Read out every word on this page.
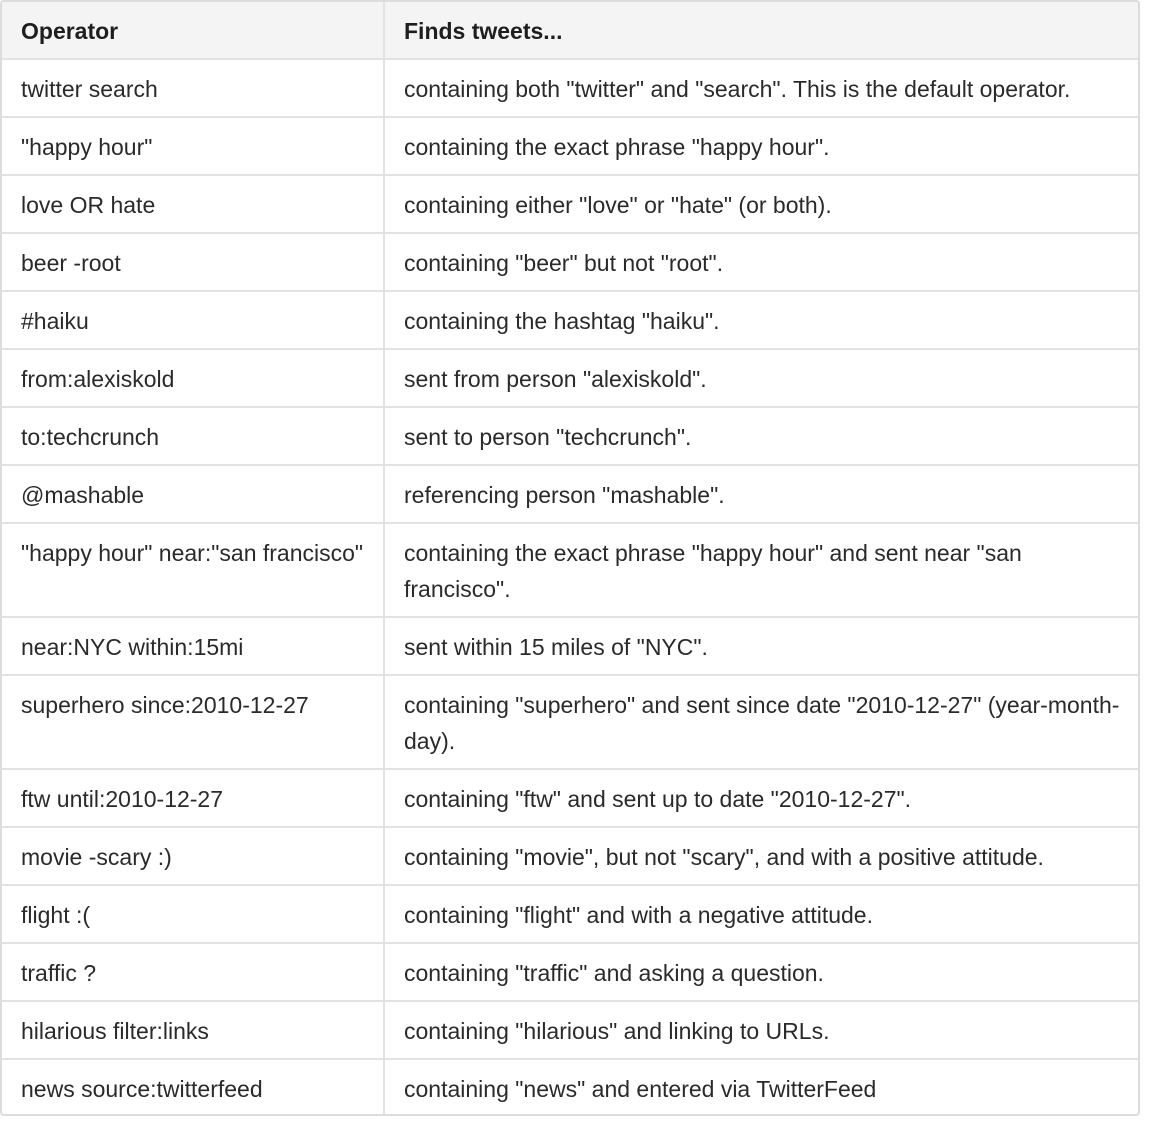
Operator	Finds tweets...
twitter search	containing both "twitter" and "search". This is the default operator.
"happy hour"	containing the exact phrase "happy hour".
love OR hate	containing either "love" or "hate" (or both).
beer -root	containing "beer" but not "root".
#haiku	containing the hashtag "haiku".
from:alexiskold	sent from person "alexiskold".
to:techcrunch	sent to person "techcrunch".
@mashable	referencing person "mashable".
"happy hour" near:"san francisco"	containing the exact phrase "happy hour" and sent near "san francisco".
near:NYC within:15mi	sent within 15 miles of "NYC".
superhero since:2010-12-27	containing "superhero" and sent since date "2010-12-27" (year-month-day).
ftw until:2010-12-27	containing "ftw" and sent up to date "2010-12-27".
movie -scary :)	containing "movie", but not "scary", and with a positive attitude.
flight :(	containing "flight" and with a negative attitude.
traffic ?	containing "traffic" and asking a question.
hilarious filter:links	containing "hilarious" and linking to URLs.
news source:twitterfeed	containing "news" and entered via TwitterFeed
